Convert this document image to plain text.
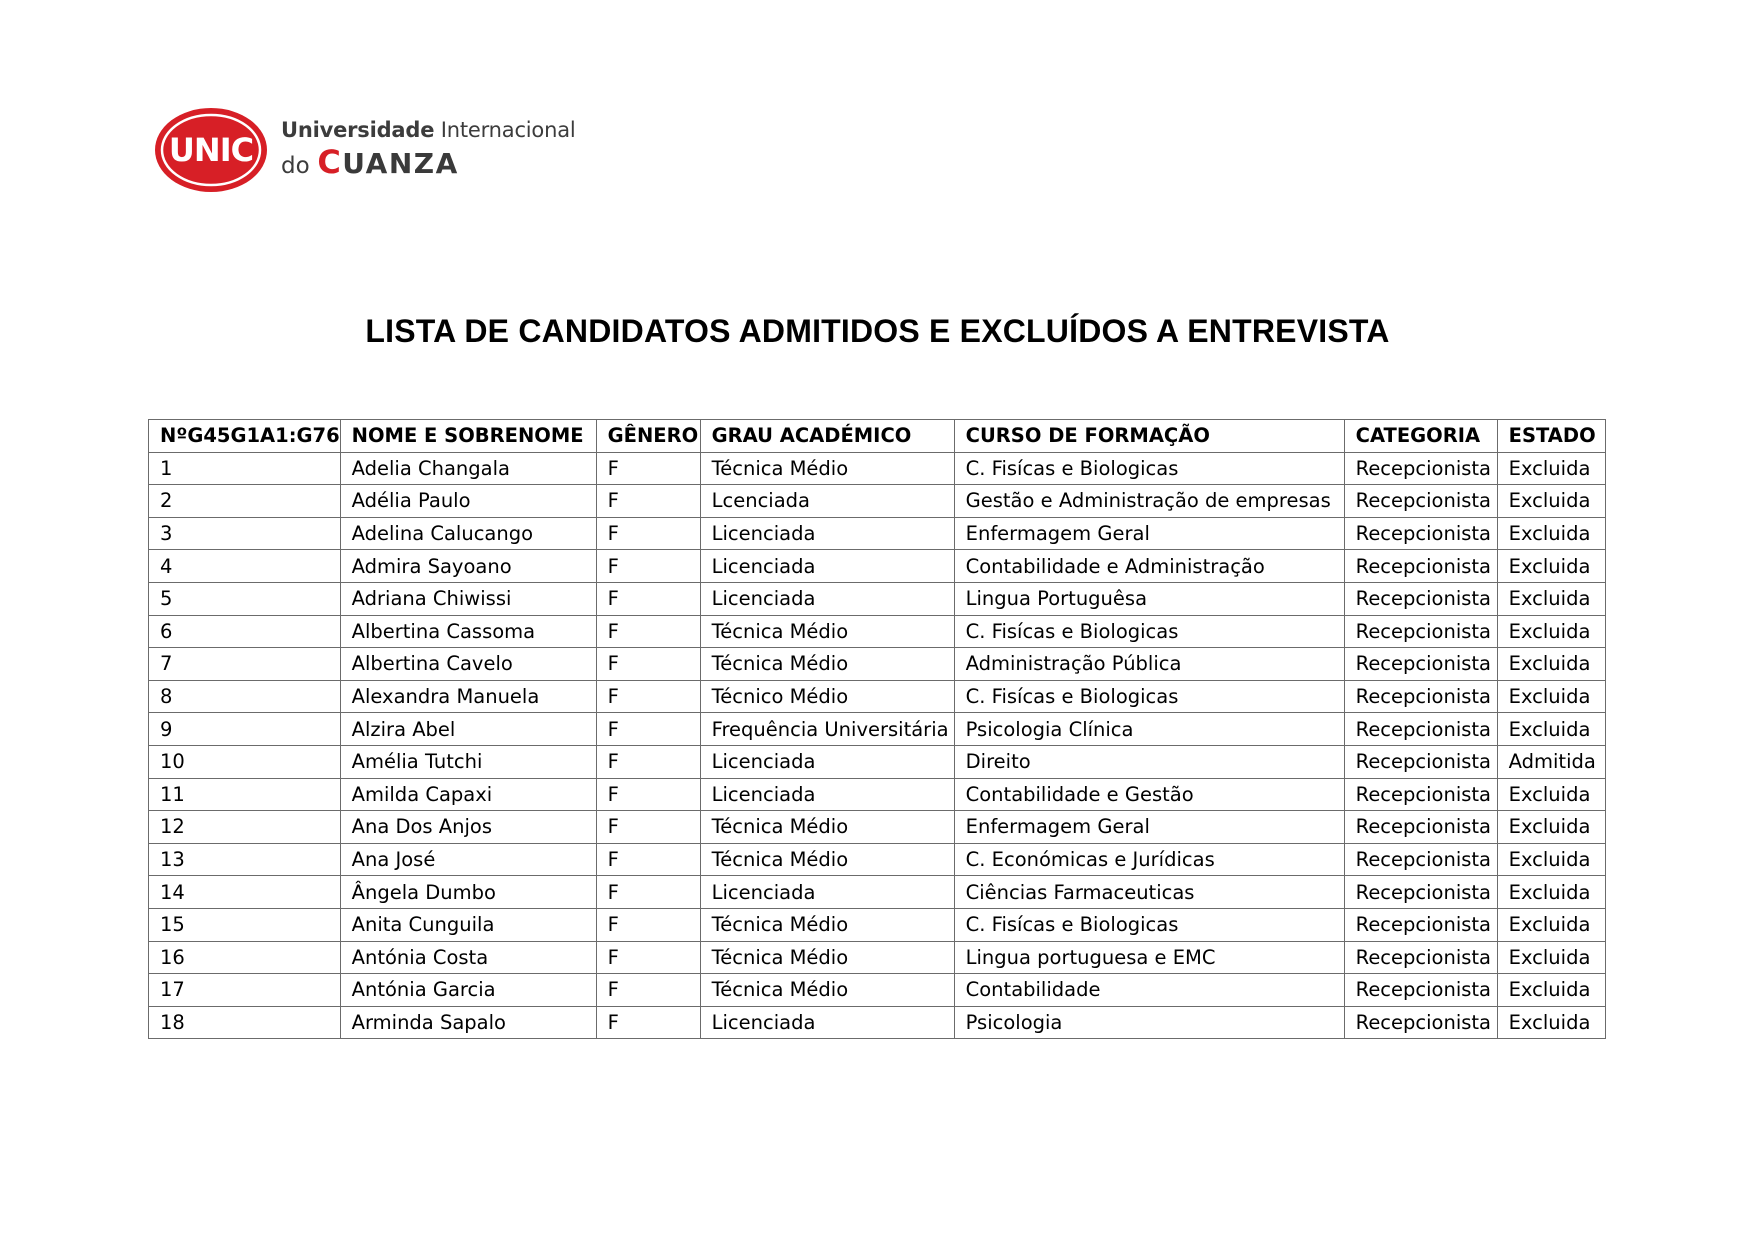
UNIC
Universidade Internacional
do CUANZA
LISTA DE CANDIDATOS ADMITIDOS E EXCLUÍDOS A ENTREVISTA
NºG45G1A1:G76	NOME E SOBRENOME	GÊNERO	GRAU ACADÉMICO	CURSO DE FORMAÇÃO	CATEGORIA	ESTADO
1	Adelia Changala	F	Técnica Médio	C. Fisícas e Biologicas	Recepcionista	Excluida
2	Adélia Paulo	F	Lcenciada	Gestão e Administração de empresas	Recepcionista	Excluida
3	Adelina Calucango	F	Licenciada	Enfermagem Geral	Recepcionista	Excluida
4	Admira Sayoano	F	Licenciada	Contabilidade e Administração	Recepcionista	Excluida
5	Adriana Chiwissi	F	Licenciada	Lingua Portuguêsa	Recepcionista	Excluida
6	Albertina Cassoma	F	Técnica Médio	C. Fisícas e Biologicas	Recepcionista	Excluida
7	Albertina Cavelo	F	Técnica Médio	Administração Pública	Recepcionista	Excluida
8	Alexandra Manuela	F	Técnico Médio	C. Fisícas e Biologicas	Recepcionista	Excluida
9	Alzira Abel	F	Frequência Universitária	Psicologia Clínica	Recepcionista	Excluida
10	Amélia Tutchi	F	Licenciada	Direito	Recepcionista	Admitida
11	Amilda Capaxi	F	Licenciada	Contabilidade e Gestão	Recepcionista	Excluida
12	Ana Dos Anjos	F	Técnica Médio	Enfermagem Geral	Recepcionista	Excluida
13	Ana José	F	Técnica Médio	C. Económicas e Jurídicas	Recepcionista	Excluida
14	Ângela Dumbo	F	Licenciada	Ciências Farmaceuticas	Recepcionista	Excluida
15	Anita Cunguila	F	Técnica Médio	C. Fisícas e Biologicas	Recepcionista	Excluida
16	Antónia Costa	F	Técnica Médio	Lingua portuguesa e EMC	Recepcionista	Excluida
17	Antónia Garcia	F	Técnica Médio	Contabilidade	Recepcionista	Excluida
18	Arminda Sapalo	F	Licenciada	Psicologia	Recepcionista	Excluida
